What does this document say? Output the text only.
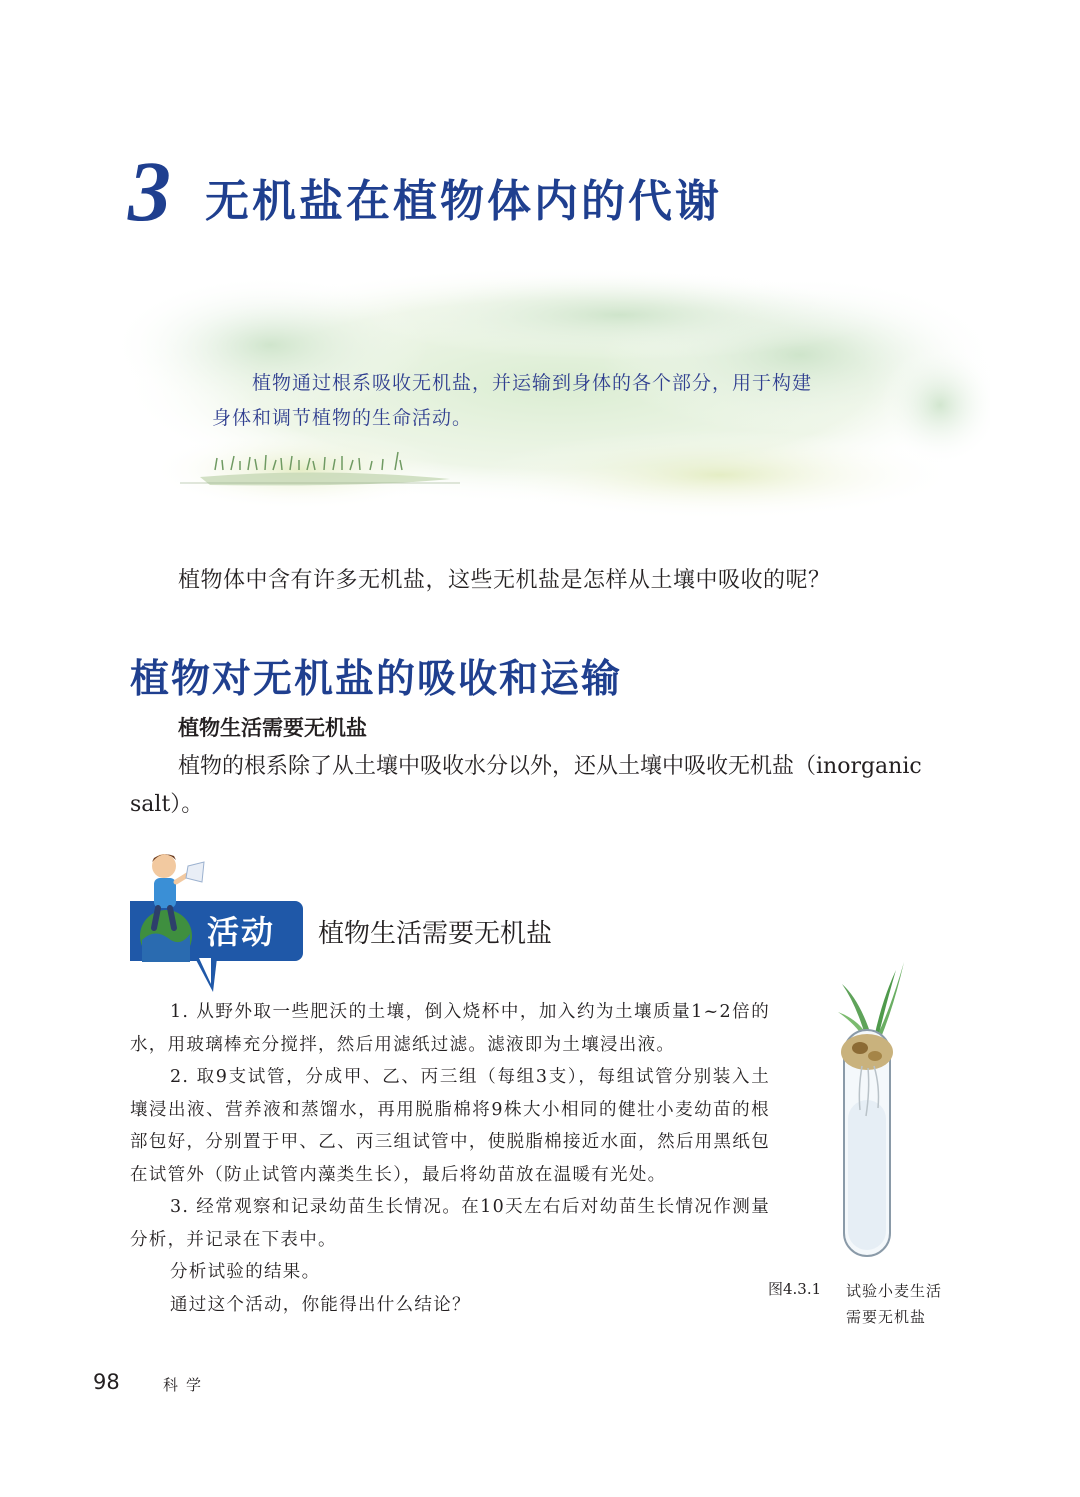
3 无机盐在植物体内的代谢
植物通过根系吸收无机盐，并运输到身体的各个部分，用于构建
身体和调节植物的生命活动。
植物体中含有许多无机盐，这些无机盐是怎样从土壤中吸收的呢？
植物对无机盐的吸收和运输
植物生活需要无机盐
植物的根系除了从土壤中吸收水分以外，还从土壤中吸收无机盐（inorganic salt）。
活动 植物生活需要无机盐

1. 从野外取一些肥沃的土壤，倒入烧杯中，加入约为土壤质量1~2倍的水，用玻璃棒充分搅拌，然后用滤纸过滤。滤液即为土壤浸出液。

2. 取9支试管，分成甲、乙、丙三组（每组3支），每组试管分别装入土壤浸出液、营养液和蒸馏水，再用脱脂棉将9株大小相同的健壮小麦幼苗的根部包好，分别置于甲、乙、丙三组试管中，使脱脂棉接近水面，然后用黑纸包在试管外（防止试管内藻类生长），最后将幼苗放在温暖有光处。

3. 经常观察和记录幼苗生长情况。在10天左右后对幼苗生长情况作测量分析，并记录在下表中。

分析试验的结果。

通过这个活动，你能得出什么结论？

图4.3.1 试验小麦生活
需要无机盐
98	科学
